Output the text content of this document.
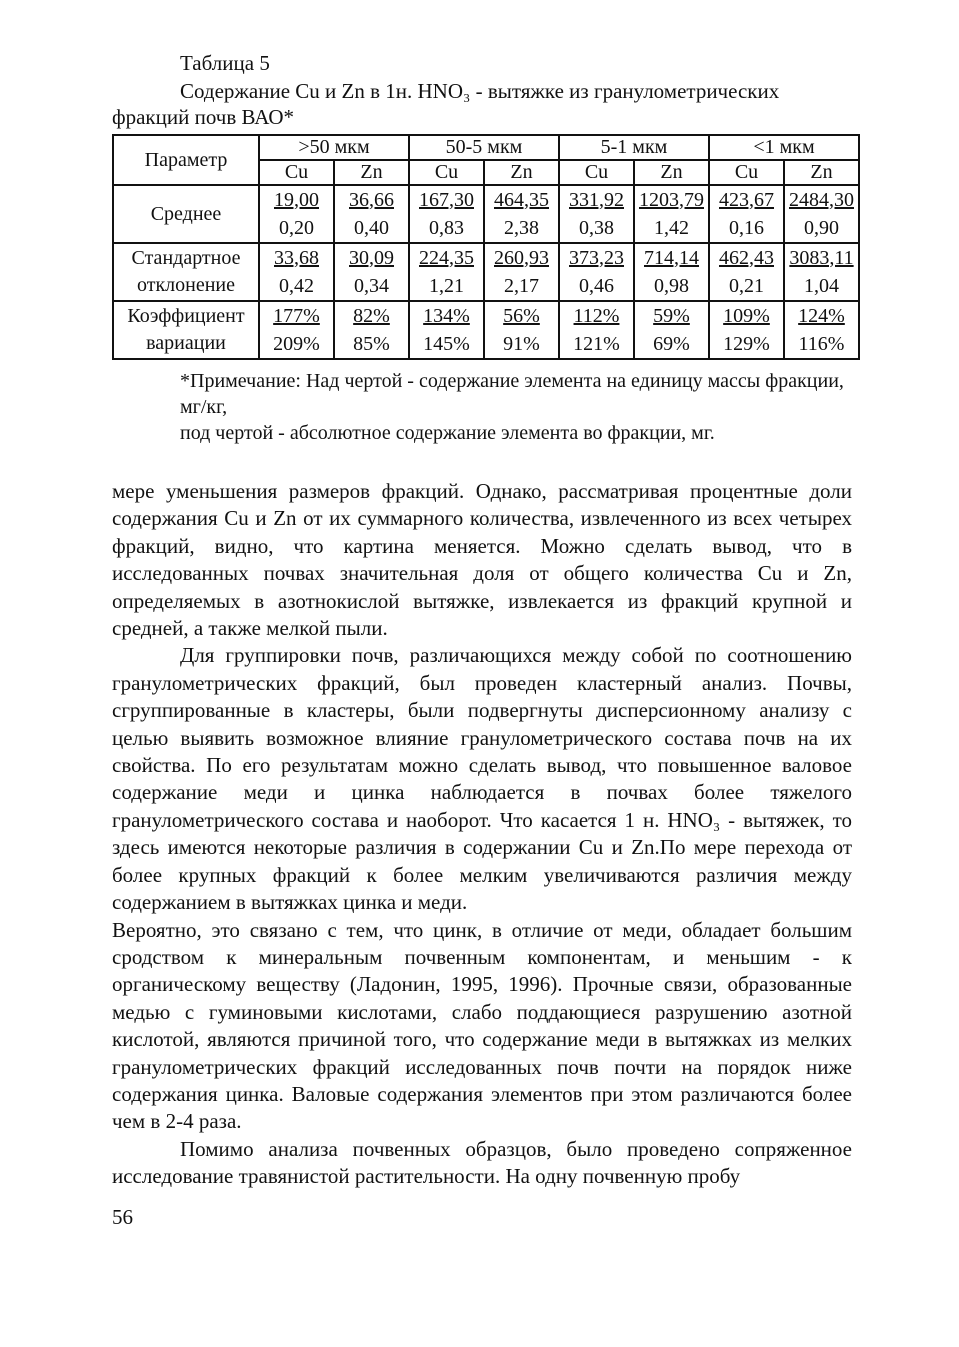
Таблица 5
Содержание Cu и Zn в 1н. HNO₃ - вытяжке из гранулометрических фракций почв ВАО*
Параметр	>50 мкм		50-5 мкм		5-1 мкм		<1 мкм	
	Cu	Zn	Cu	Zn	Cu	Zn	Cu	Zn

Среднее	19,00	36,66	167,30	464,35	331,92	1203,79	423,67	2484,30
	0,20	0,40	0,83	2,38	0,38	1,42	0,16	0,90

Стандартное
отклонение	33,68	30,09	224,35	260,93	373,23	714,14	462,43	3083,11
	0,42	0,34	1,21	2,17	0,46	0,98	0,21	1,04

Коэффициент
вариации	177%	82%	134%	56%	112%	59%	109%	124%
	209%	85%	145%	91%	121%	69%	129%	116%
*Примечание: Над чертой - содержание элемента на единицу массы фракции, мг/кг,
под чертой - абсолютное содержание элемента во фракции, мг.

мере уменьшения размеров фракций. Однако, рассматривая процентные доли содержания Cu и Zn от их суммарного количества, извлеченного из всех четырех фракций, видно, что картина меняется. Можно сделать вывод, что в исследованных почвах значительная доля от общего количества Cu и Zn, определяемых в азотнокислой вытяжке, извлекается из фракций крупной и средней, а также мелкой пыли.

Для группировки почв, различающихся между собой по соотношению гранулометрических фракций, был проведен кластерный анализ. Почвы, сгруппированные в кластеры, были подвергнуты дисперсионному анализу с целью выявить возможное влияние гранулометрического состава почв на их свойства. По его результатам можно сделать вывод, что повышенное валовое содержание меди и цинка наблюдается в почвах более тяжелого гранулометрического состава и наоборот. Что касается 1 н. HNO₃ - вытяжек, то здесь имеются некоторые различия в содержании Cu и Zn.По мере перехода от более крупных фракций к более мелким увеличиваются различия между содержанием в вытяжках цинка и меди.

Вероятно, это связано с тем, что цинк, в отличие от меди, обладает большим сродством к минеральным почвенным компонентам, и меньшим - к органическому веществу (Ладонин, 1995, 1996). Прочные связи, образованные медью с гуминовыми кислотами, слабо поддающиеся разрушению азотной кислотой, являются причиной того, что содержание меди в вытяжках из мелких гранулометрических фракций исследованных почв почти на порядок ниже содержания цинка. Валовые содержания элементов при этом различаются более чем в 2-4 раза.

Помимо анализа почвенных образцов, было проведено сопряженное исследование травянистой растительности. На одну почвенную пробу

56
